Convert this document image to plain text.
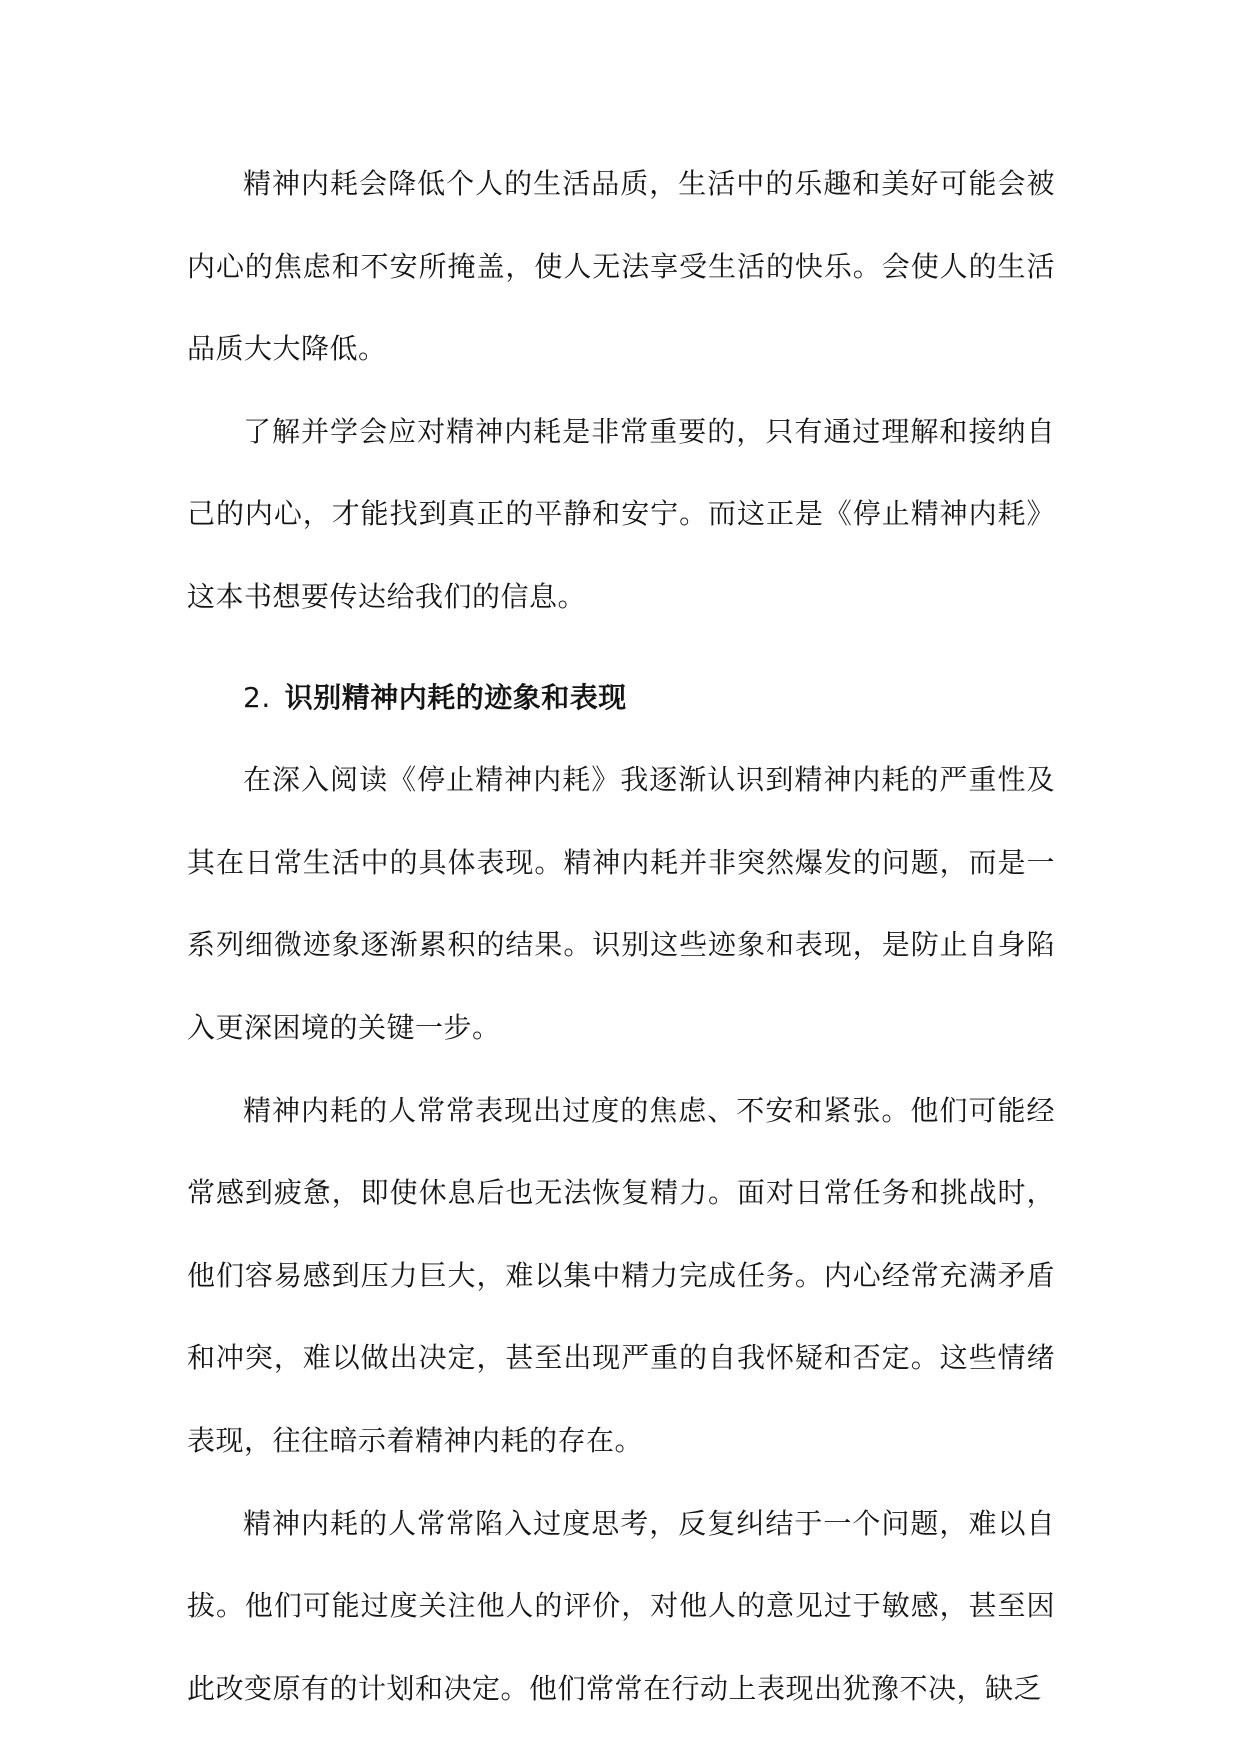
精神内耗会降低个人的生活品质，生活中的乐趣和美好可能会被内心的焦虑和不安所掩盖，使人无法享受生活的快乐。会使人的生活品质大大降低。

了解并学会应对精神内耗是非常重要的，只有通过理解和接纳自己的内心，才能找到真正的平静和安宁。而这正是《停止精神内耗》这本书想要传达给我们的信息。

2. 识别精神内耗的迹象和表现

在深入阅读《停止精神内耗》我逐渐认识到精神内耗的严重性及其在日常生活中的具体表现。精神内耗并非突然爆发的问题，而是一系列细微迹象逐渐累积的结果。识别这些迹象和表现，是防止自身陷入更深困境的关键一步。

精神内耗的人常常表现出过度的焦虑、不安和紧张。他们可能经常感到疲惫，即使休息后也无法恢复精力。面对日常任务和挑战时，他们容易感到压力巨大，难以集中精力完成任务。内心经常充满矛盾和冲突，难以做出决定，甚至出现严重的自我怀疑和否定。这些情绪表现，往往暗示着精神内耗的存在。

精神内耗的人常常陷入过度思考，反复纠结于一个问题，难以自拔。他们可能过度关注他人的评价，对他人的意见过于敏感，甚至因此改变原有的计划和决定。他们常常在行动上表现出犹豫不决，缺乏
